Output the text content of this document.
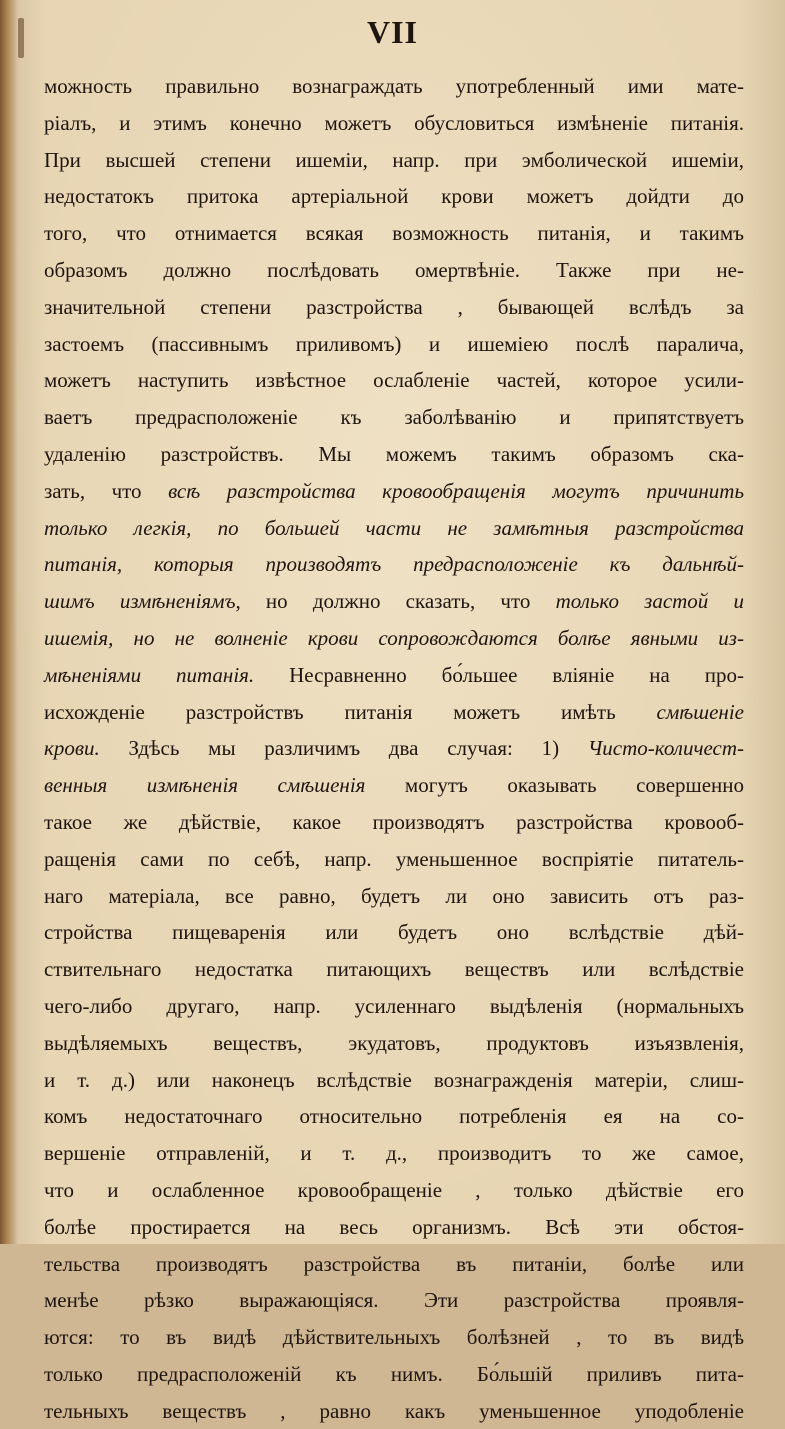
VII
можность правильно вознаграждать употребленный ими мате-
ріалъ, и этимъ конечно можетъ обусловиться измѣненіе питанія.
При высшей степени ишеміи, напр. при эмболической ишеміи,
недостатокъ притока артеріальной крови можетъ дойдти до
того, что отнимается всякая возможность питанія, и такимъ
образомъ должно послѣдовать омертвѣніе. Также при не-
значительной степени разстройства , бывающей вслѣдъ за
застоемъ (пассивнымъ приливомъ) и ишеміею послѣ паралича,
можетъ наступить извѣстное ослабленіе частей, которое усили-
ваетъ предрасположеніе къ заболѣванію и припятствуетъ
удаленію разстройствъ. Мы можемъ такимъ образомъ ска-
зать, что всѣ разстройства кровообращенія могутъ причинить
только легкія, по большей части не замѣтныя разстройства
питанія, которыя производятъ предрасположеніе къ дальнѣй-
шимъ измѣненіямъ, но должно сказать, что только застой и
ишемія, но не волненіе крови сопровождаются болѣе явными из-
мѣненіями питанія. Несравненно бо́льшее вліяніе на про-
исхожденіе разстройствъ питанія можетъ имѣть смѣшеніе
крови. Здѣсь мы различимъ два случая: 1) Чисто-количест-
венныя измѣненія смѣшенія могутъ оказывать совершенно
такое же дѣйствіе, какое производятъ разстройства кровооб-
ращенія сами по себѣ, напр. уменьшенное воспріятіе питатель-
наго матеріала, все равно, будетъ ли оно зависить отъ раз-
стройства пищеваренія или будетъ оно вслѣдствіе дѣй-
ствительнаго недостатка питающихъ веществъ или вслѣдствіе
чего-либо другаго, напр. усиленнаго выдѣленія (нормальныхъ
выдѣляемыхъ веществъ, экудатовъ, продуктовъ изъязвленія,
и т. д.) или наконецъ вслѣдствіе вознагражденія матеріи, слиш-
комъ недостаточнаго относительно потребленія ея на со-
вершеніе отправленій, и т. д., производитъ то же самое,
что и ослабленное кровообращеніе , только дѣйствіе его
болѣе простирается на весь организмъ. Всѣ эти обстоя-
тельства производятъ разстройства въ питаніи, болѣе или
менѣе рѣзко выражающіяся. Эти разстройства проявля-
ются: то въ видѣ дѣйствительныхъ болѣзней , то въ видѣ
только предрасположеній къ нимъ. Бо́льшій приливъ пита-
тельныхъ веществъ , равно какъ уменьшенное уподобленіе
